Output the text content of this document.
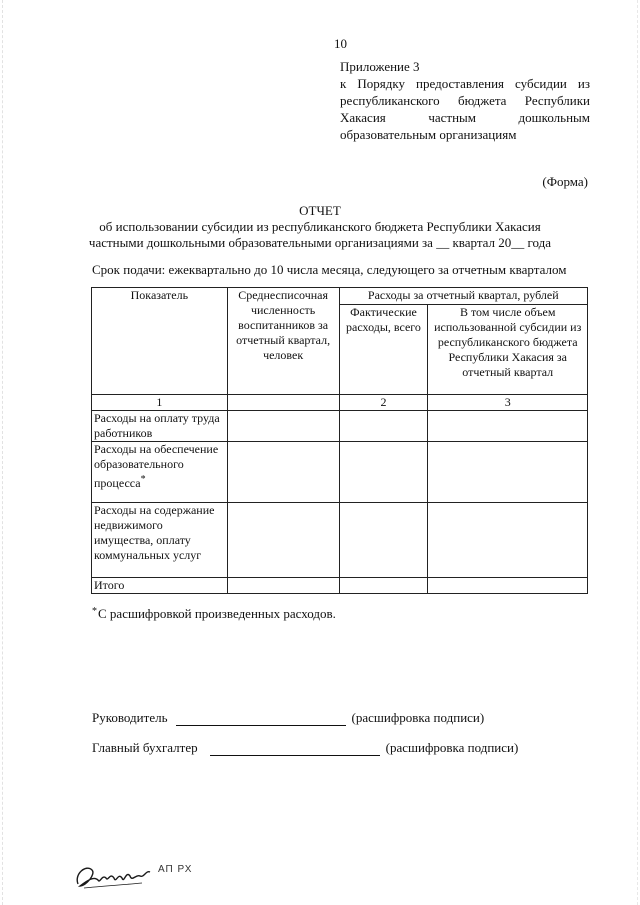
10
Приложение 3
к Порядку предоставления субсидии из
республиканского бюджета Республики
Хакасия частным дошкольным
образовательным организациям
(Форма)
ОТЧЕТ
об использовании субсидии из республиканского бюджета Республики Хакасия
частными дошкольными образовательными организациями за __ квартал 20__ года
Срок подачи: ежеквартально до 10 числа месяца, следующего за отчетным кварталом
Показатель	Среднесписочная численность воспитанников за отчетный квартал, человек	Расходы за отчетный квартал, рублей	
		Фактические расходы, всего	В том числе объем использованной субсидии из республиканского бюджета Республики Хакасия за отчетный квартал
1		2	3
Расходы на оплату труда работников			
Расходы на обеспечение образовательного процесса*			
Расходы на содержание недвижимого имущества, оплату коммунальных услуг			
Итого			
*С расшифровкой произведенных расходов.
Руководитель	(расшифровка подписи)
Главный бухгалтер	(расшифровка подписи)
АП РХ
